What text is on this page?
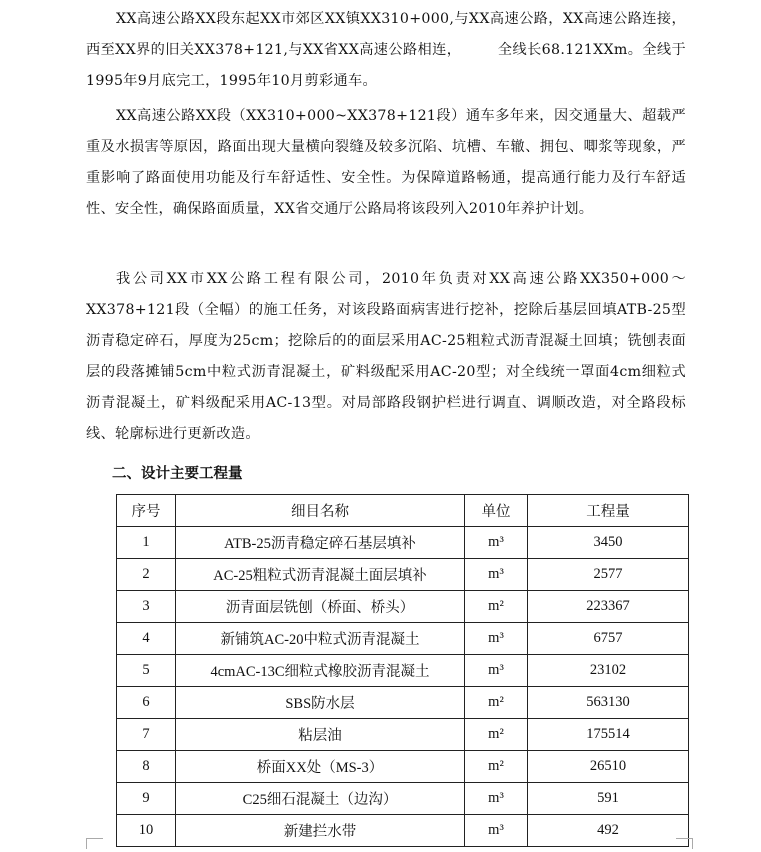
XX高速公路XX段东起XX市郊区XX镇XX310+000,与XX高速公路，XX高速公路连接，西至XX界的旧关XX378+121,与XX省XX高速公路相连，　　　全线长68.121XXm。全线于1995年9月底完工，1995年10月剪彩通车。

XX高速公路XX段（XX310+000~XX378+121段）通车多年来，因交通量大、超载严重及水损害等原因，路面出现大量横向裂缝及较多沉陷、坑槽、车辙、拥包、唧浆等现象，严重影响了路面使用功能及行车舒适性、安全性。为保障道路畅通，提高通行能力及行车舒适性、安全性，确保路面质量，XX省交通厅公路局将该段列入2010年养护计划。

我公司XX市XX公路工程有限公司，2010年负责对XX高速公路XX350+000～XX378+121段（全幅）的施工任务，对该段路面病害进行挖补，挖除后基层回填ATB-25型沥青稳定碎石，厚度为25cm；挖除后的的面层采用AC-25粗粒式沥青混凝土回填；铣刨表面层的段落摊铺5cm中粒式沥青混凝土，矿料级配采用AC-20型；对全线统一罩面4cm细粒式沥青混凝土，矿料级配采用AC-13型。对局部路段钢护栏进行调直、调顺改造，对全路段标线、轮廓标进行更新改造。

二、设计主要工程量
序号	细目名称	单位	工程量
1	ATB-25沥青稳定碎石基层填补	m³	3450
2	AC-25粗粒式沥青混凝土面层填补	m³	2577
3	沥青面层铣刨（桥面、桥头）	m²	223367
4	新铺筑AC-20中粒式沥青混凝土	m³	6757
5	4cmAC-13C细粒式橡胶沥青混凝土	m³	23102
6	SBS防水层	m²	563130
7	粘层油	m²	175514
8	桥面XX处（MS-3）	m²	26510
9	C25细石混凝土（边沟）	m³	591
10	新建拦水带	m³	492
